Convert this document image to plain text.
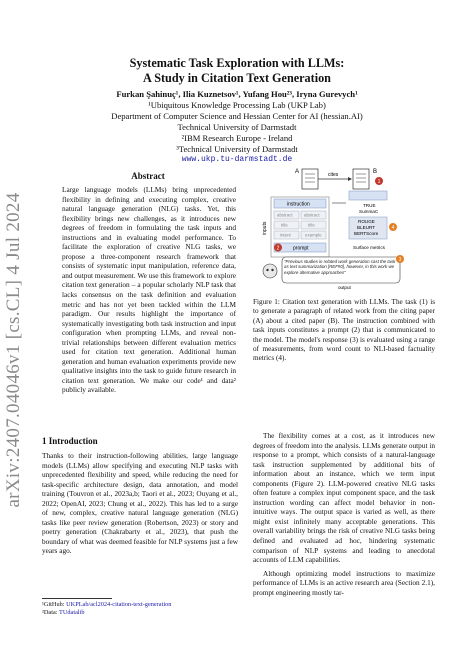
arXiv:2407.04046v1 [cs.CL] 4 Jul 2024
Systematic Task Exploration with LLMs:
A Study in Citation Text Generation
Furkan Şahinuç¹, Ilia Kuznetsov¹, Yufang Hou²³, Iryna Gurevych¹
¹Ubiquitous Knowledge Processing Lab (UKP Lab)
Department of Computer Science and Hessian Center for AI (hessian.AI)
Technical University of Darmstadt
²IBM Research Europe - Ireland
³Technical University of Darmstadt
www.ukp.tu-darmstadt.de
Abstract
Large language models (LLMs) bring unprecedented flexibility in defining and executing complex, creative natural language generation (NLG) tasks. Yet, this flexibility brings new challenges, as it introduces new degrees of freedom in formulating the task inputs and instructions and in evaluating model performance. To facilitate the exploration of creative NLG tasks, we propose a three-component research framework that consists of systematic input manipulation, reference data, and output measurement. We use this framework to explore citation text generation – a popular scholarly NLP task that lacks consensus on the task definition and evaluation metric and has not yet been tackled within the LLM paradigm. Our results highlight the importance of systematically investigating both task instruction and input configuration when prompting LLMs, and reveal non-trivial relationships between different evaluation metrics used for citation text generation. Additional human generation and human evaluation experiments provide new qualitative insights into the task to guide future research in citation text generation. We make our code¹ and data² publicly available.
1 Introduction
Thanks to their instruction-following abilities, large language models (LLMs) allow specifying and executing NLP tasks with unprecedented flexibility and speed, while reducing the need for task-specific architecture design, data annotation, and model training (Touvron et al., 2023a,b; Taori et al., 2023; Ouyang et al., 2022; OpenAI, 2023; Chung et al., 2022). This has led to a surge of new, complex, creative natural language generation (NLG) tasks like peer review generation (Robertson, 2023) or story and poetry generation (Chakrabarty et al., 2023), that push the boundary of what was deemed feasible for NLP systems just a few years ago.
¹GitHub: UKPLab/acl2024-citation-text-generation
²Data: TUdatalib
A	cites	B
1
inputs
instruction
abstract	abstract
title	title
intent	example
prompt
2
TRUE
SummaC
ROUGE
BLEURT
BERTScore
4
Surface metrics
"Previous studies in related work generation cast the task as text summarization [REF#0], however, in this work we explore alternative approaches"
3
output
Figure 1: Citation text generation with LLMs. The task (1) is to generate a paragraph of related work from the citing paper (A) about a cited paper (B). The instruction combined with task inputs constitutes a prompt (2) that is communicated to the model. The model's response (3) is evaluated using a range of measurements, from word count to NLI-based factuality metrics (4).

The flexibility comes at a cost, as it introduces new degrees of freedom into the analysis. LLMs generate output in response to a prompt, which consists of a natural-language task instruction supplemented by additional bits of information about an instance, which we term input components (Figure 2). LLM-powered creative NLG tasks often feature a complex input component space, and the task instruction wording can affect model behavior in non-intuitive ways. The output space is varied as well, as there might exist infinitely many acceptable generations. This overall variability brings the risk of creative NLG tasks being defined and evaluated ad hoc, hindering systematic comparison of NLP systems and leading to anecdotal accounts of LLM capabilities.

Although optimizing model instructions to maximize performance of LLMs is an active research area (Section 2.1), prompt engineering mostly tar-
